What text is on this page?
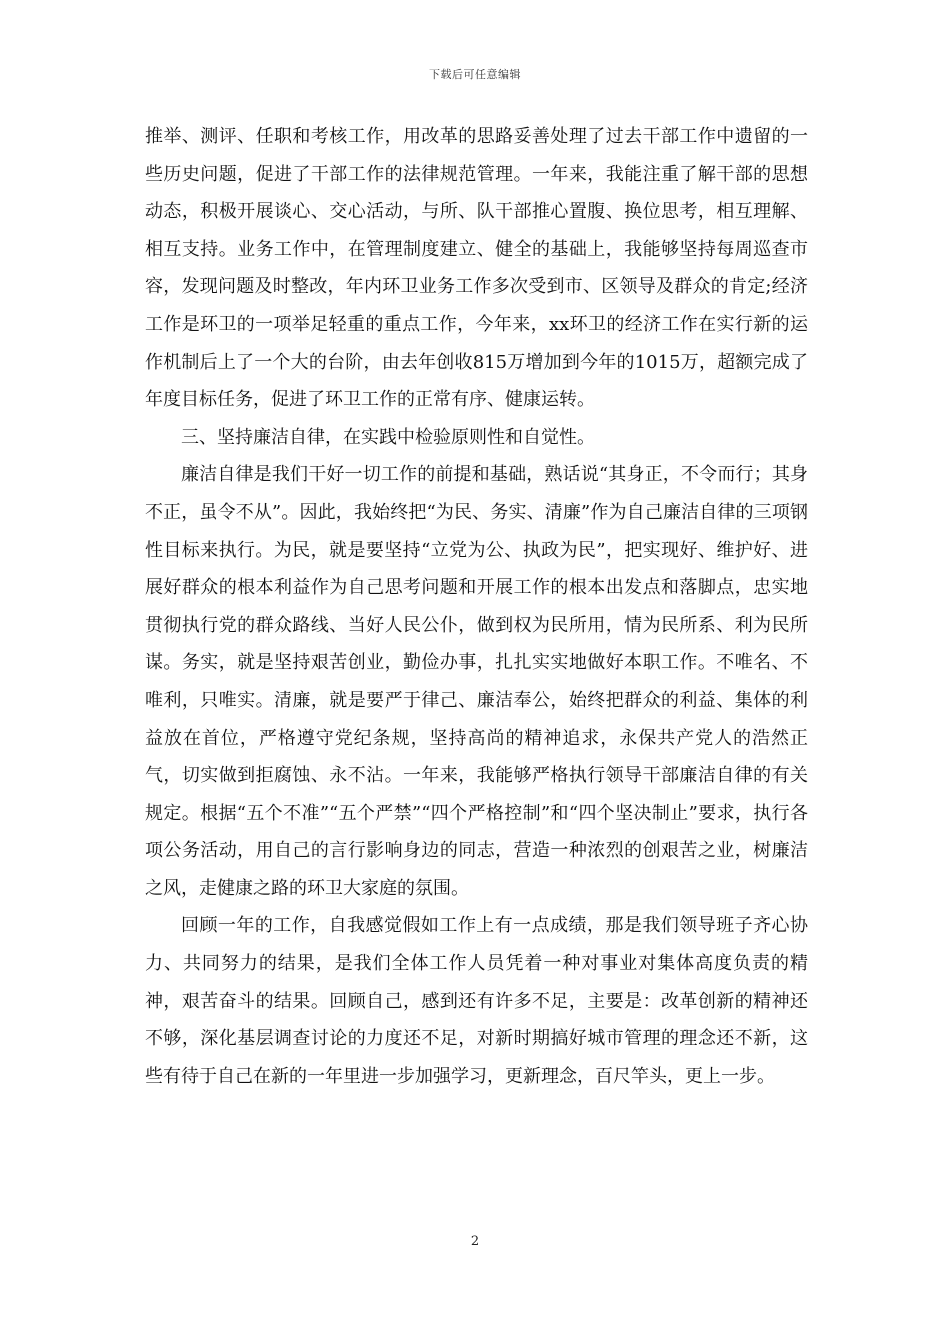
下载后可任意编辑

推举、测评、任职和考核工作，用改革的思路妥善处理了过去干部工作中遗留的一些历史问题，促进了干部工作的法律规范管理。一年来，我能注重了解干部的思想动态，积极开展谈心、交心活动，与所、队干部推心置腹、换位思考，相互理解、相互支持。业务工作中，在管理制度建立、健全的基础上，我能够坚持每周巡查市容，发现问题及时整改，年内环卫业务工作多次受到市、区领导及群众的肯定;经济工作是环卫的一项举足轻重的重点工作，今年来，xx环卫的经济工作在实行新的运作机制后上了一个大的台阶，由去年创收815万增加到今年的1015万，超额完成了年度目标任务，促进了环卫工作的正常有序、健康运转。

三、坚持廉洁自律，在实践中检验原则性和自觉性。

廉洁自律是我们干好一切工作的前提和基础，熟话说“其身正，不令而行；其身不正，虽令不从”。因此，我始终把“为民、务实、清廉”作为自己廉洁自律的三项钢性目标来执行。为民，就是要坚持“立党为公、执政为民”，把实现好、维护好、进展好群众的根本利益作为自己思考问题和开展工作的根本出发点和落脚点，忠实地贯彻执行党的群众路线、当好人民公仆，做到权为民所用，情为民所系、利为民所谋。务实，就是坚持艰苦创业，勤俭办事，扎扎实实地做好本职工作。不唯名、不唯利，只唯实。清廉，就是要严于律己、廉洁奉公，始终把群众的利益、集体的利益放在首位，严格遵守党纪条规，坚持高尚的精神追求，永保共产党人的浩然正气，切实做到拒腐蚀、永不沾。一年来，我能够严格执行领导干部廉洁自律的有关规定。根据“五个不准”“五个严禁”“四个严格控制”和“四个坚决制止”要求，执行各项公务活动，用自己的言行影响身边的同志，营造一种浓烈的创艰苦之业，树廉洁之风，走健康之路的环卫大家庭的氛围。

回顾一年的工作，自我感觉假如工作上有一点成绩，那是我们领导班子齐心协力、共同努力的结果，是我们全体工作人员凭着一种对事业对集体高度负责的精神，艰苦奋斗的结果。回顾自己，感到还有许多不足，主要是：改革创新的精神还不够，深化基层调查讨论的力度还不足，对新时期搞好城市管理的理念还不新，这些有待于自己在新的一年里进一步加强学习，更新理念，百尺竿头，更上一步。

2
